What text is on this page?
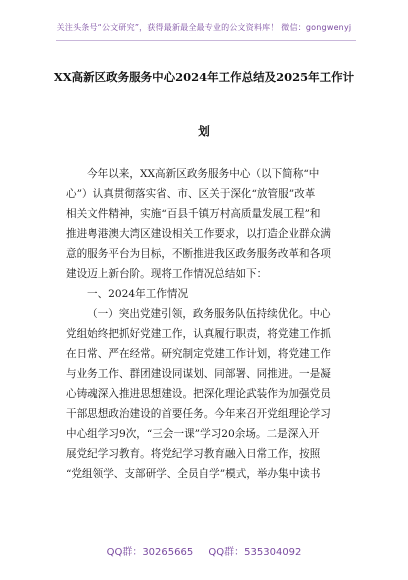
关注头条号“公文研究”，获得最新最全最专业的公文资料库！ 微信：gongwenyj
XX高新区政务服务中心2024年工作总结及2025年工作计
划
今年以来，XX高新区政务服务中心（以下简称“中
心”）认真贯彻落实省、市、区关于深化“放管服”改革
相关文件精神，实施“百县千镇万村高质量发展工程”和
推进粤港澳大湾区建设相关工作要求，以打造企业群众满
意的服务平台为目标，不断推进我区政务服务改革和各项
建设迈上新台阶。现将工作情况总结如下：
一、2024年工作情况
（一）突出党建引领，政务服务队伍持续优化。中心
党组始终把抓好党建工作，认真履行职责，将党建工作抓
在日常、严在经常。研究制定党建工作计划，将党建工作
与业务工作、群团建设同谋划、同部署、同推进。一是凝
心铸魂深入推进思想建设。把深化理论武装作为加强党员
干部思想政治建设的首要任务。今年来召开党组理论学习
中心组学习9次，“三会一课”学习20余场。二是深入开
展党纪学习教育。将党纪学习教育融入日常工作，按照
“党组领学、支部研学、全员自学”模式，举办集中读书
QQ群：30265665 QQ群：535304092
